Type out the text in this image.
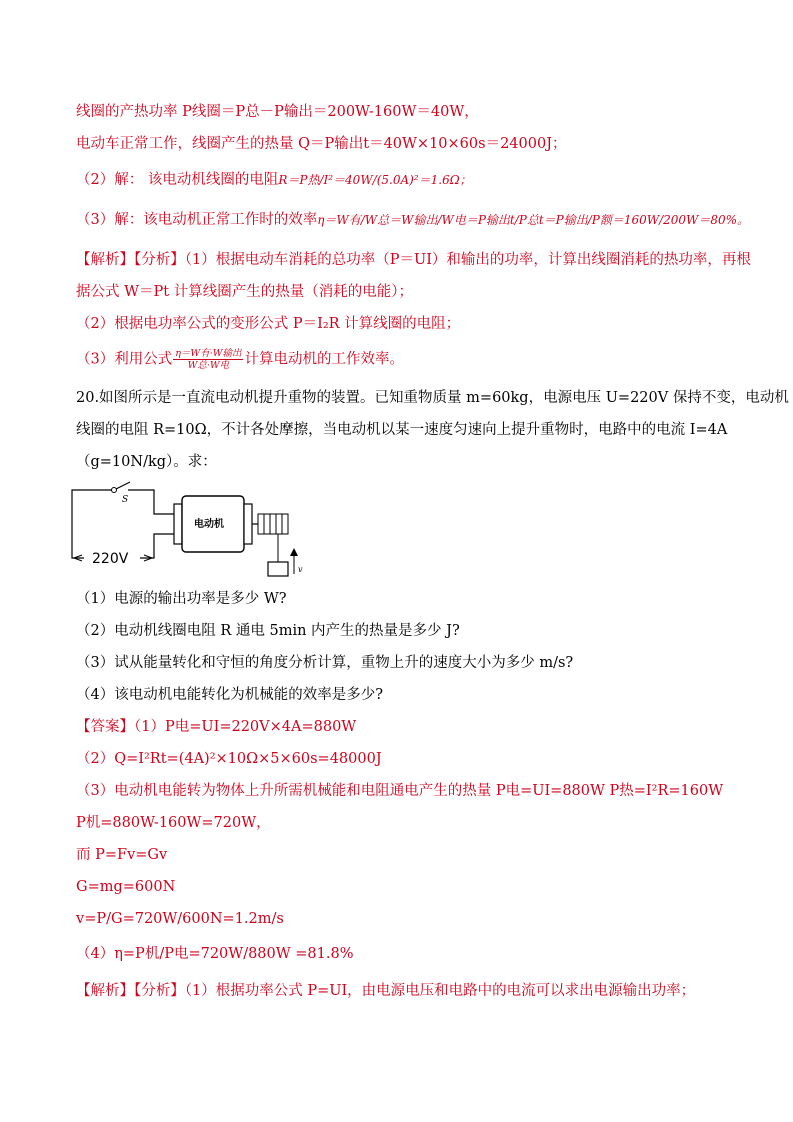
线圈的产热功率 P线圈＝P总－P输出＝200W-160W＝40W，
电动车正常工作，线圈产生的热量 Q＝P输出t＝40W×10×60s＝24000J；
（2）解： 该电动机线圈的电阻R＝P热/I²＝40W/(5.0A)²＝1.6Ω；
（3）解：该电动机正常工作时的效率η＝W有/W总＝W输出/W电＝P输出t/P总t＝P输出/P额＝160W/200W＝80%。
【解析】【分析】（1）根据电动车消耗的总功率（P＝UI）和输出的功率，计算出线圈消耗的热功率，再根
据公式 W＝Pt 计算线圈产生的热量（消耗的电能）；
（2）根据电功率公式的变形公式 P＝I₂R 计算线圈的电阻；
（3）利用公式 $\frac{\text{η＝W有·W输出}}{\text{W总·W电}}$ 计算电动机的工作效率。
20.如图所示是一直流电动机提升重物的装置。已知重物质量 m=60kg，电源电压 U=220V 保持不变，电动机
线圈的电阻 R=10Ω，不计各处摩擦，当电动机以某一速度匀速向上提升重物时，电路中的电流 I=4A
（g=10N/kg）。求：
S
220V
电动机
v
（1）电源的输出功率是多少 W?
（2）电动机线圈电阻 R 通电 5min 内产生的热量是多少 J?
（3）试从能量转化和守恒的角度分析计算，重物上升的速度大小为多少 m/s?
（4）该电动机电能转化为机械能的效率是多少?
【答案】（1）P电=UI=220V×4A=880W
（2）Q=I²Rt=(4A)²×10Ω×5×60s=48000J
（3）电动机电能转为物体上升所需机械能和电阻通电产生的热量 P电=UI=880W P热=I²R=160W
P机=880W-160W=720W，
而 P=Fv=Gv
G=mg=600N
v=P/G=720W/600N=1.2m/s
（4）η=P机/P电=720W/880W =81.8%
【解析】【分析】（1）根据功率公式 P=UI，由电源电压和电路中的电流可以求出电源输出功率；
